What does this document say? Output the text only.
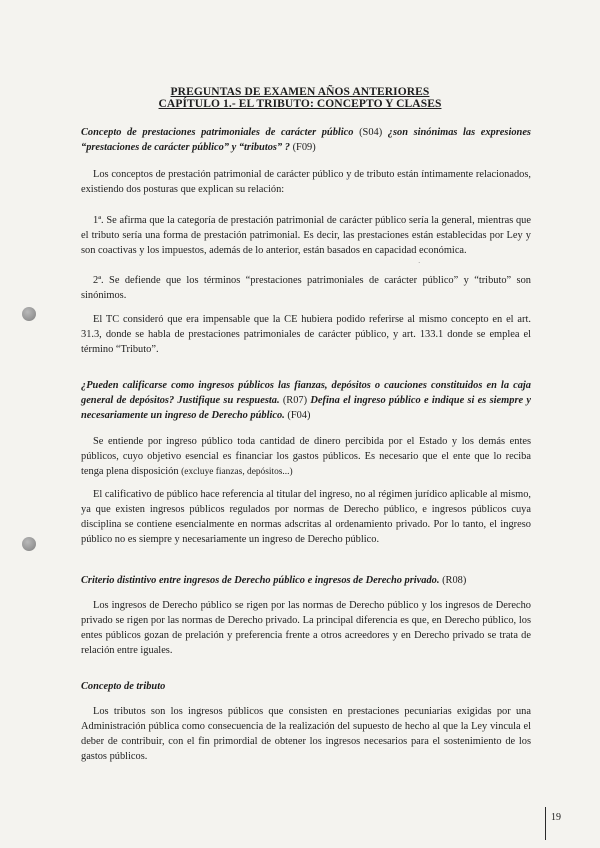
PREGUNTAS DE EXAMEN AÑOS ANTERIORES
CAPÍTULO 1.- EL TRIBUTO: CONCEPTO Y CLASES
Concepto de prestaciones patrimoniales de carácter público (S04) ¿son sinónimas las expresiones “prestaciones de carácter público” y “tributos” ? (F09)
Los conceptos de prestación patrimonial de carácter público y de tributo están íntimamente relacionados, existiendo dos posturas que explican su relación:
1ª. Se afirma que la categoría de prestación patrimonial de carácter público sería la general, mientras que el tributo sería una forma de prestación patrimonial. Es decir, las prestaciones están establecidas por Ley y son coactivas y los impuestos, además de lo anterior, están basados en capacidad económica.
·
2ª. Se defiende que los términos “prestaciones patrimoniales de carácter público” y “tributo” son sinónimos.
El TC consideró que era impensable que la CE hubiera podido referirse al mismo concepto en el art. 31.3, donde se habla de prestaciones patrimoniales de carácter público, y art. 133.1 donde se emplea el término “Tributo”.
¿Pueden calificarse como ingresos públicos las fianzas, depósitos o cauciones constituidos en la caja general de depósitos? Justifique su respuesta. (R07) Defina el ingreso público e indique si es siempre y necesariamente un ingreso de Derecho público. (F04)
Se entiende por ingreso público toda cantidad de dinero percibida por el Estado y los demás entes públicos, cuyo objetivo esencial es financiar los gastos públicos. Es necesario que el ente que lo reciba tenga plena disposición (excluye fianzas, depósitos...)
El calificativo de público hace referencia al titular del ingreso, no al régimen jurídico aplicable al mismo, ya que existen ingresos públicos regulados por normas de Derecho público, e ingresos públicos cuya disciplina se contiene esencialmente en normas adscritas al ordenamiento privado. Por lo tanto, el ingreso público no es siempre y necesariamente un ingreso de Derecho público.
Criterio distintivo entre ingresos de Derecho público e ingresos de Derecho privado. (R08)
Los ingresos de Derecho público se rigen por las normas de Derecho público y los ingresos de Derecho privado se rigen por las normas de Derecho privado. La principal diferencia es que, en Derecho público, los entes públicos gozan de prelación y preferencia frente a otros acreedores y en Derecho privado se trata de relación entre iguales.
Concepto de tributo
Los tributos son los ingresos públicos que consisten en prestaciones pecuniarias exigidas por una Administración pública como consecuencia de la realización del supuesto de hecho al que la Ley vincula el deber de contribuir, con el fin primordial de obtener los ingresos necesarios para el sostenimiento de los gastos públicos.
19
